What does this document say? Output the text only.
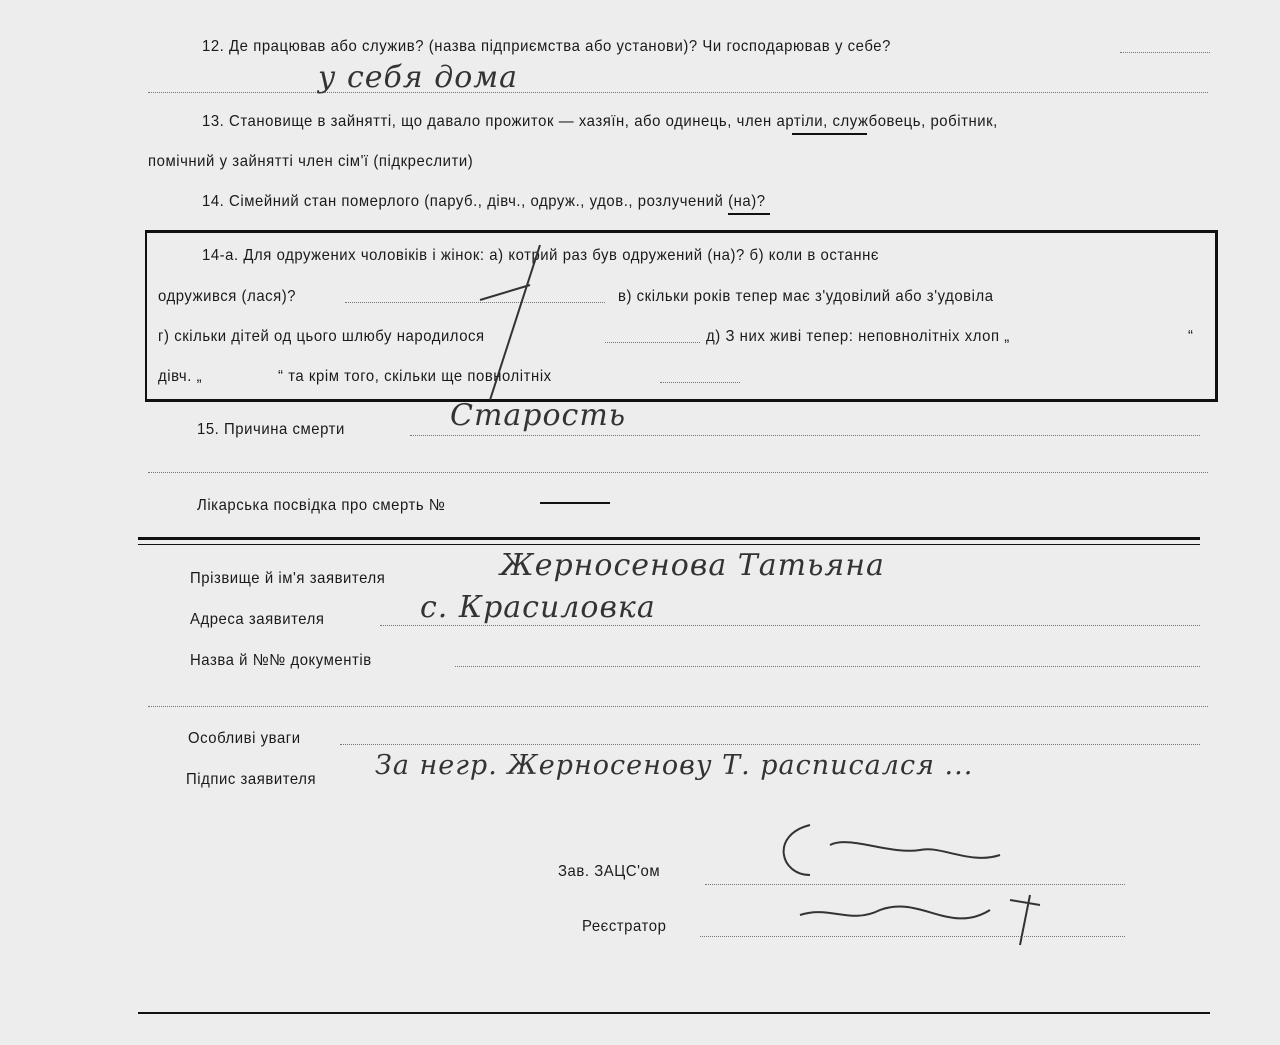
12. Де працював або служив? (назва підприємства або установи)? Чи господарював у себе?
у себя дома
13. Становище в зайнятті, що давало прожиток — хазяїн, або одинець, член артіли, службовець, робітник,
помічний у зайнятті член сім'ї (підкреслити)
14. Сімейний стан померлого (паруб., дівч., одруж., удов., розлучений (на)?
14-а. Для одружених чоловіків і жінок: а) котрий раз був одружений (на)? б) коли в останнє
одружився (лася)?	в) скільки років тепер має з'удовілий або з'удовіла
г) скільки дітей од цього шлюбу народилося	д) З них живі тепер: неповнолітніх хлоп „	“
дівч. „	“ та крім того, скільки ще повнолітніх
15. Причина смерти	Старость
Лікарська посвідка про смерть №
Прізвище й ім'я заявителя	Жерносенова Татьяна
Адреса заявителя	с. Красиловка
Назва й №№ документів
Особливі уваги
Підпис заявителя За негр. Жерносенову Т. расписался ...
Зав. ЗАЦС'ом
Реєстратор
